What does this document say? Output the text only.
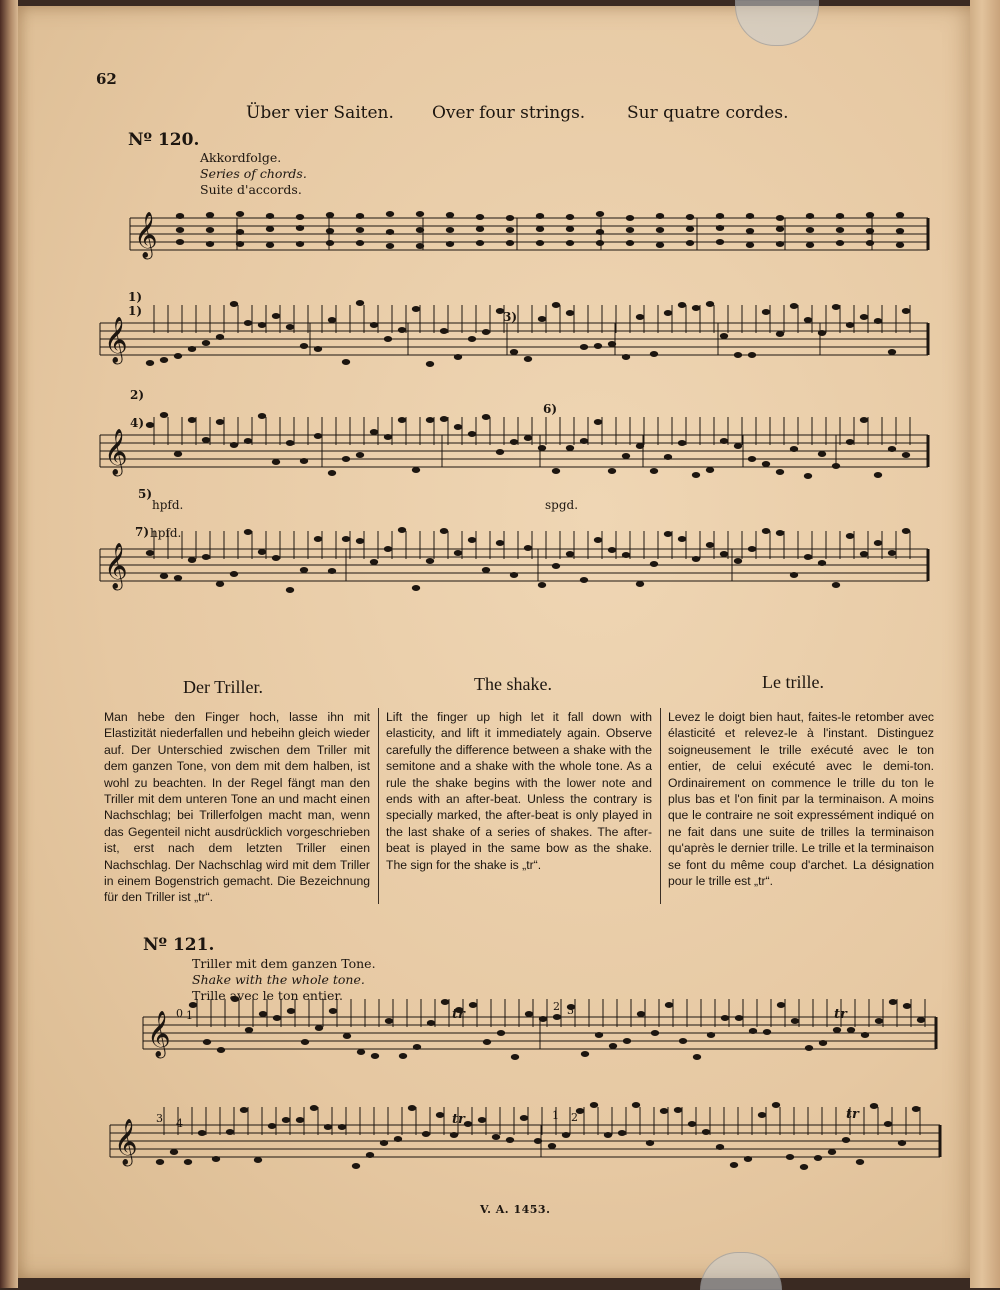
62
Über vier Saiten. Over four strings. Sur quatre cordes.
Nº 120.
Akkordfolge.
Series of chords.
Suite d'accords.
𝄞
𝄞
𝄞
𝄞
𝄞
𝄞
1)
1)
2)
3)
4)
5)
hpfd.
6)
spgd.
7) hpfd.
Der Triller.	The shake.	Le trille.
Man hebe den Finger hoch, lasse ihn mit Elastizität niederfallen und hebeihn gleich wieder auf. Der Unterschied zwischen dem Triller mit dem ganzen Tone, von dem mit dem halben, ist wohl zu beachten. In der Regel fängt man den Triller mit dem unteren Tone an und macht einen Nachschlag; bei Trillerfolgen macht man, wenn das Gegenteil nicht ausdrücklich vorgeschrieben ist, erst nach dem letzten Triller einen Nachschlag. Der Nachschlag wird mit dem Triller in einem Bogenstrich gemacht. Die Bezeichnung für den Triller ist „tr“.
Lift the finger up high let it fall down with elasticity, and lift it immediately again. Observe carefully the difference between a shake with the semitone and a shake with the whole tone. As a rule the shake begins with the lower note and ends with an after-beat. Unless the contrary is specially marked, the after-beat is only played in the last shake of a series of shakes. The after-beat is played in the same bow as the shake. The sign for the shake is „tr“.
Levez le doigt bien haut, faites-le retomber avec élasticité et relevez-le à l'instant. Distinguez soigneusement le trille exécuté avec le ton entier, de celui exécuté avec le demi-ton. Ordinairement on commence le trille du ton le plus bas et l'on finit par la terminaison. A moins que le contraire ne soit expressément indiqué on ne fait dans une suite de trilles la terminaison qu'après le dernier trille. Le trille et la terminaison se font du même coup d'archet. La désignation pour le trille est „tr“.
Nº 121.
Triller mit dem ganzen Tone.
Shake with the whole tone.
Trille avec le ton entier.
0 1
2 3
3 4
1 2
tr	tr
tr	tr
V. A. 1453.
